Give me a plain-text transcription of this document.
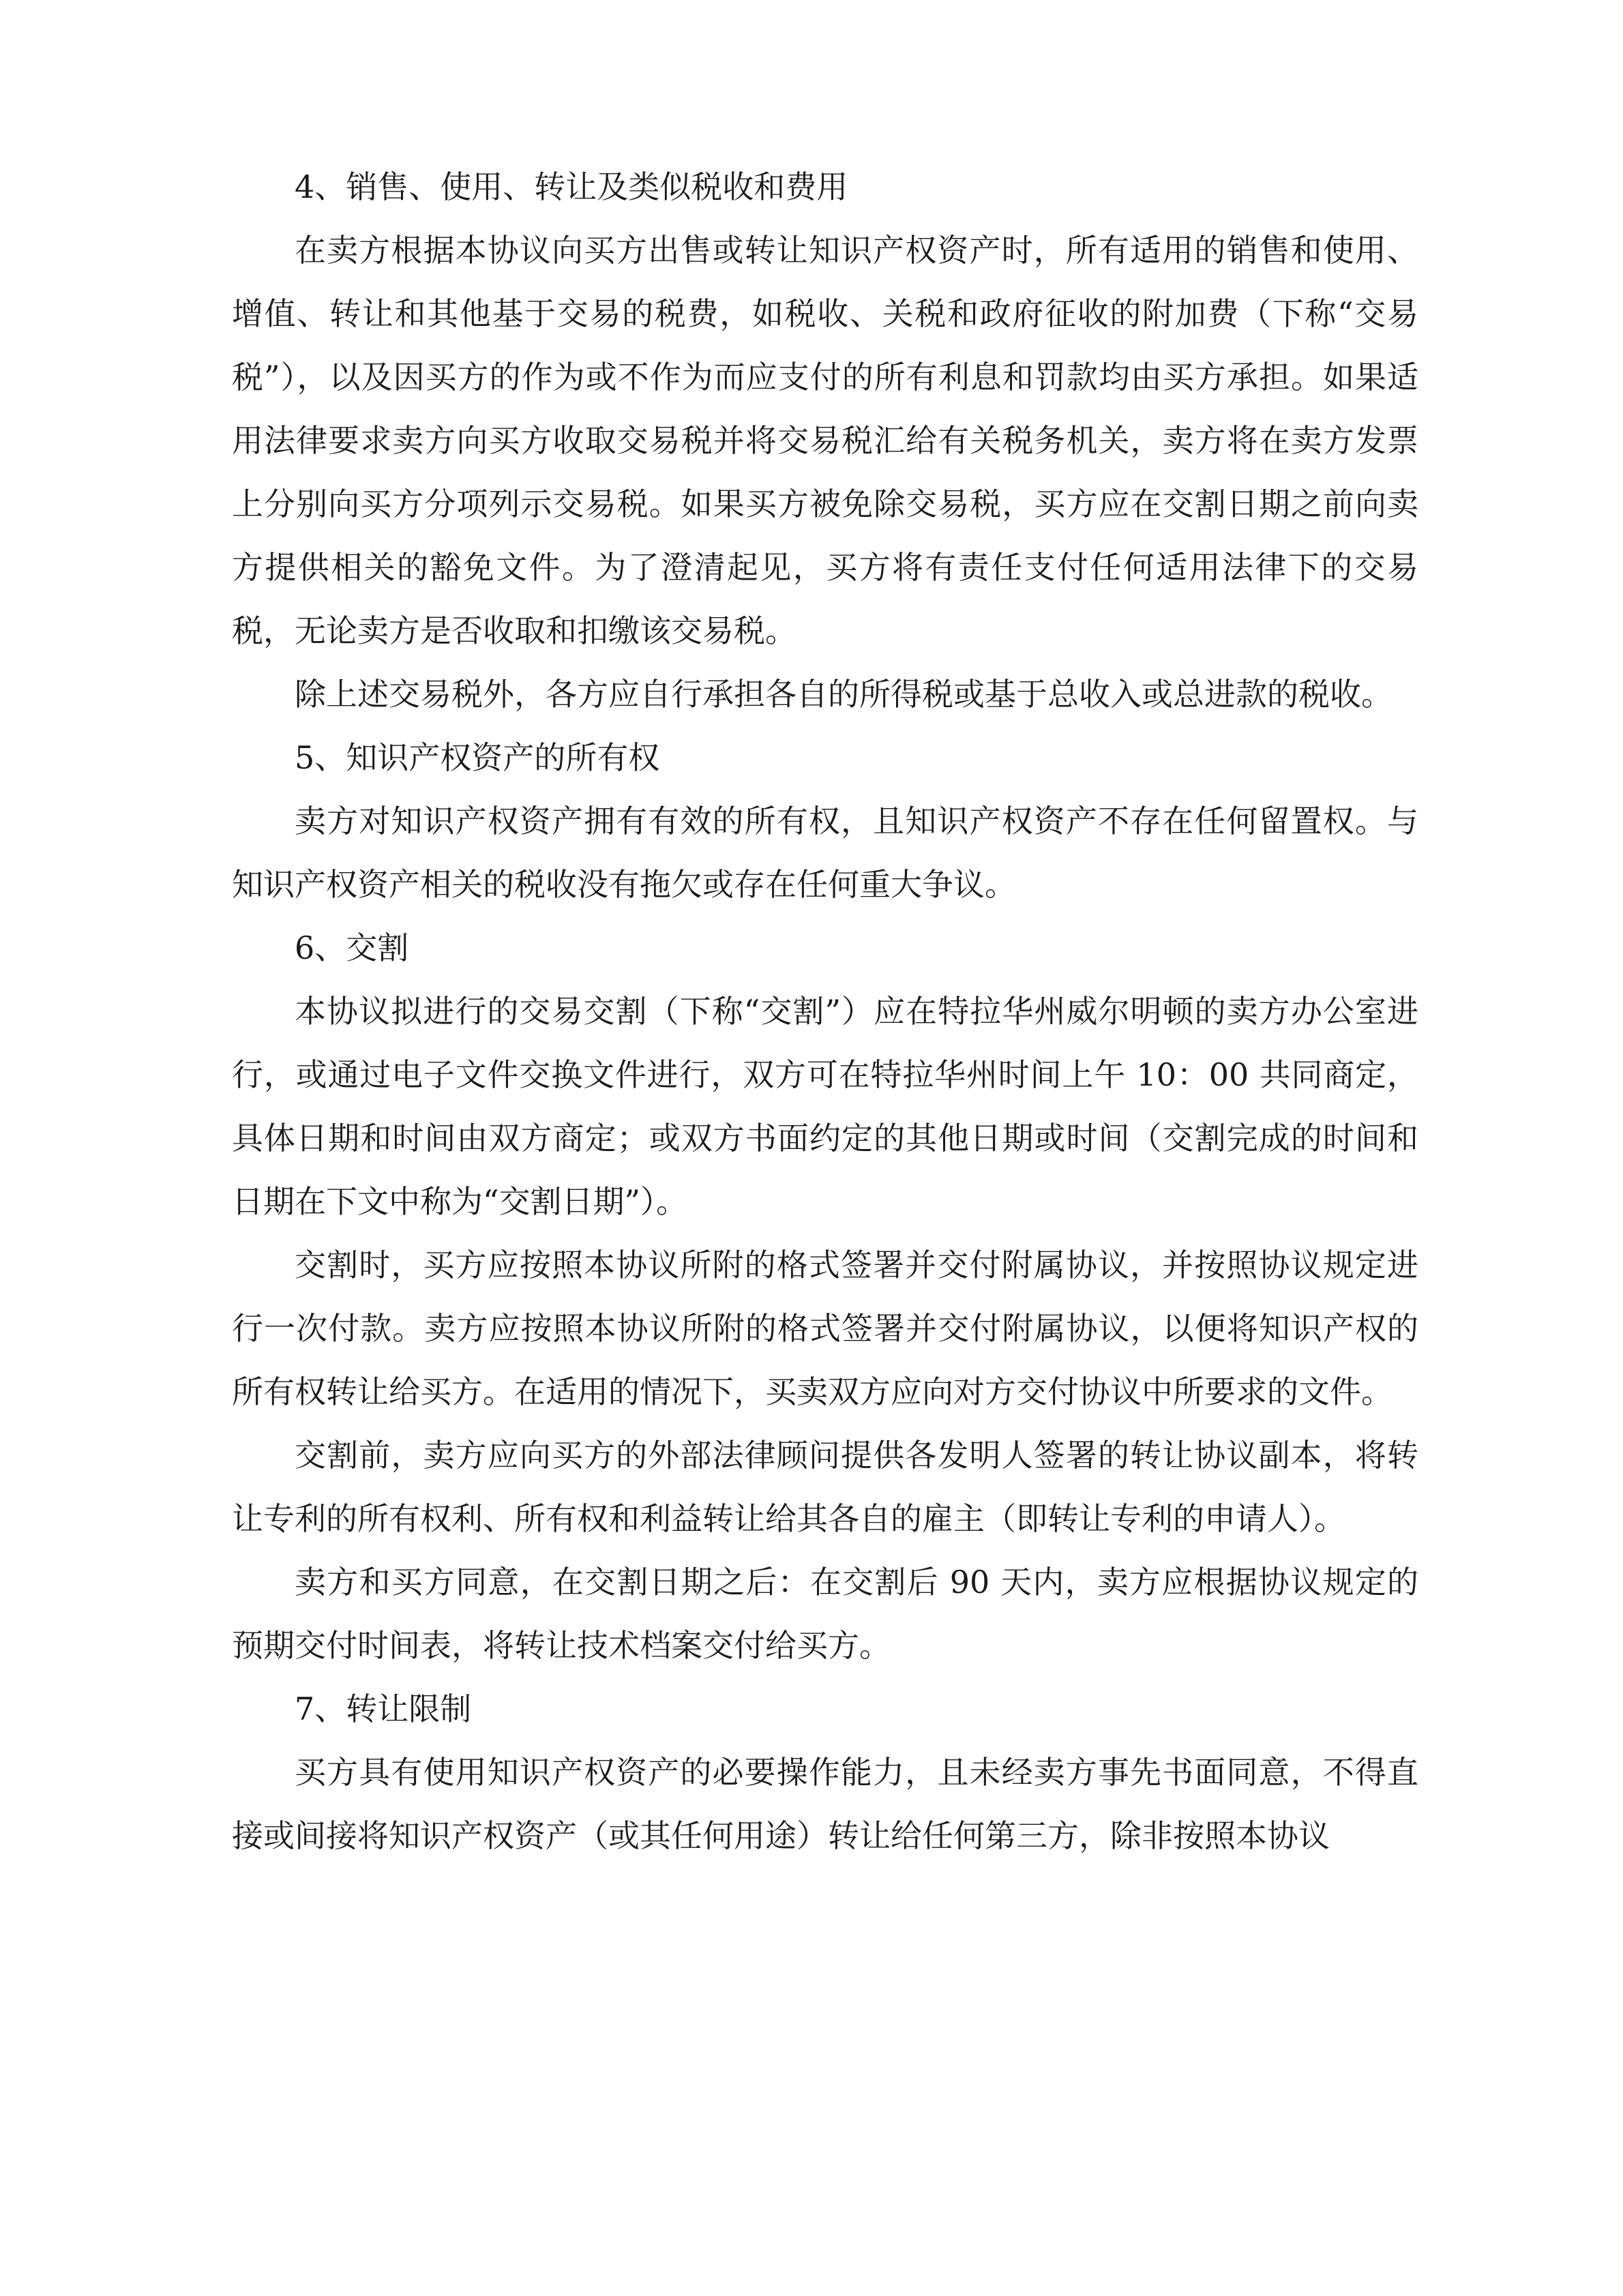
4、销售、使用、转让及类似税收和费用

在卖方根据本协议向买方出售或转让知识产权资产时，所有适用的销售和使用、增值、转让和其他基于交易的税费，如税收、关税和政府征收的附加费（下称“交易税”），以及因买方的作为或不作为而应支付的所有利息和罚款均由买方承担。如果适用法律要求卖方向买方收取交易税并将交易税汇给有关税务机关，卖方将在卖方发票上分别向买方分项列示交易税。如果买方被免除交易税，买方应在交割日期之前向卖方提供相关的豁免文件。为了澄清起见，买方将有责任支付任何适用法律下的交易税，无论卖方是否收取和扣缴该交易税。

除上述交易税外，各方应自行承担各自的所得税或基于总收入或总进款的税收。

5、知识产权资产的所有权

卖方对知识产权资产拥有有效的所有权，且知识产权资产不存在任何留置权。与知识产权资产相关的税收没有拖欠或存在任何重大争议。

6、交割

本协议拟进行的交易交割（下称“交割”）应在特拉华州威尔明顿的卖方办公室进行，或通过电子文件交换文件进行，双方可在特拉华州时间上午 10：00 共同商定，具体日期和时间由双方商定；或双方书面约定的其他日期或时间（交割完成的时间和日期在下文中称为“交割日期”）。

交割时，买方应按照本协议所附的格式签署并交付附属协议，并按照协议规定进行一次付款。卖方应按照本协议所附的格式签署并交付附属协议，以便将知识产权的所有权转让给买方。在适用的情况下，买卖双方应向对方交付协议中所要求的文件。

交割前，卖方应向买方的外部法律顾问提供各发明人签署的转让协议副本，将转让专利的所有权利、所有权和利益转让给其各自的雇主（即转让专利的申请人）。

卖方和买方同意，在交割日期之后：在交割后 90 天内，卖方应根据协议规定的预期交付时间表，将转让技术档案交付给买方。

7、转让限制

买方具有使用知识产权资产的必要操作能力，且未经卖方事先书面同意，不得直接或间接将知识产权资产（或其任何用途）转让给任何第三方，除非按照本协议
